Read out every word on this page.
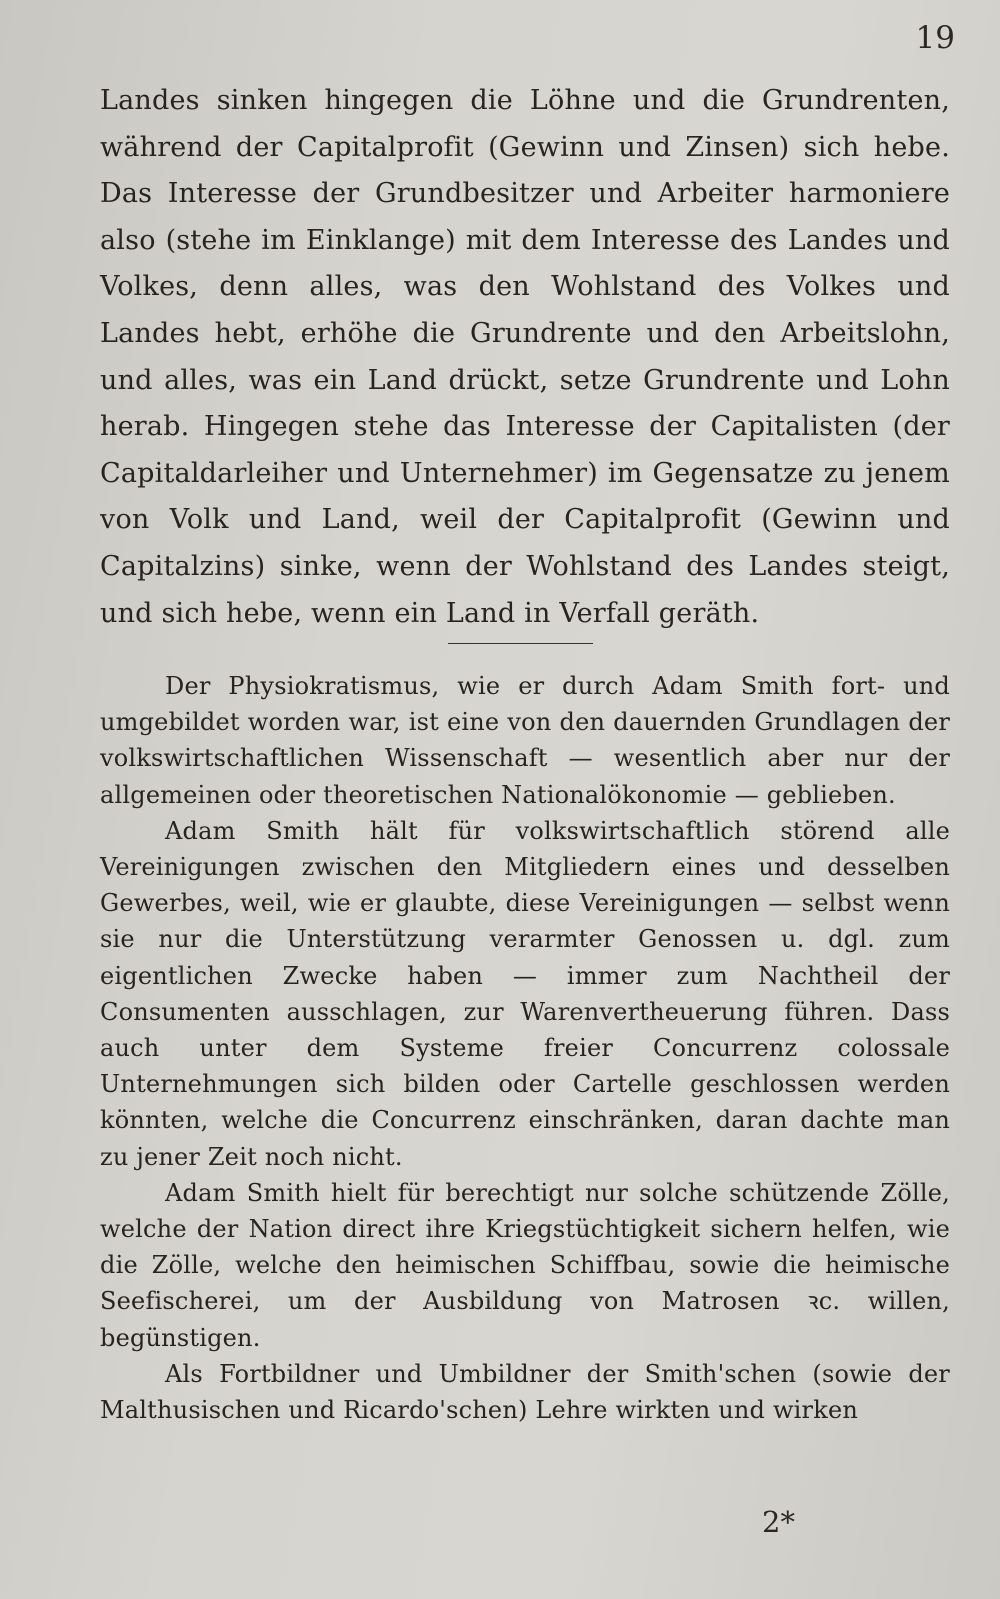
19

Landes sinken hingegen die Löhne und die Grundrenten, während der Capitalprofit (Gewinn und Zinsen) sich hebe. Das Interesse der Grundbesitzer und Arbeiter harmoniere also (stehe im Einklange) mit dem Interesse des Landes und Volkes, denn alles, was den Wohlstand des Volkes und Landes hebt, erhöhe die Grundrente und den Arbeitslohn, und alles, was ein Land drückt, setze Grundrente und Lohn herab. Hingegen stehe das Interesse der Capitalisten (der Capitaldarleiher und Unternehmer) im Gegensatze zu jenem von Volk und Land, weil der Capitalprofit (Gewinn und Capitalzins) sinke, wenn der Wohlstand des Landes steigt, und sich hebe, wenn ein Land in Verfall geräth.

Der Physiokratismus, wie er durch Adam Smith fort- und umgebildet worden war, ist eine von den dauernden Grundlagen der volkswirtschaftlichen Wissenschaft — wesentlich aber nur der allgemeinen oder theoretischen Nationalökonomie — geblieben.

Adam Smith hält für volkswirtschaftlich störend alle Vereinigungen zwischen den Mitgliedern eines und desselben Gewerbes, weil, wie er glaubte, diese Vereinigungen — selbst wenn sie nur die Unterstützung verarmter Genossen u. dgl. zum eigentlichen Zwecke haben — immer zum Nachtheil der Consumenten ausschlagen, zur Warenvertheuerung führen. Dass auch unter dem Systeme freier Concurrenz colossale Unternehmungen sich bilden oder Cartelle geschlossen werden könnten, welche die Concurrenz einschränken, daran dachte man zu jener Zeit noch nicht.

Adam Smith hielt für berechtigt nur solche schützende Zölle, welche der Nation direct ihre Kriegstüchtigkeit sichern helfen, wie die Zölle, welche den heimischen Schiffbau, sowie die heimische Seefischerei, um der Ausbildung von Matrosen ꝛc. willen, begünstigen.

Als Fortbildner und Umbildner der Smith'schen (sowie der Malthusischen und Ricardo'schen) Lehre wirkten und wirken

2*
